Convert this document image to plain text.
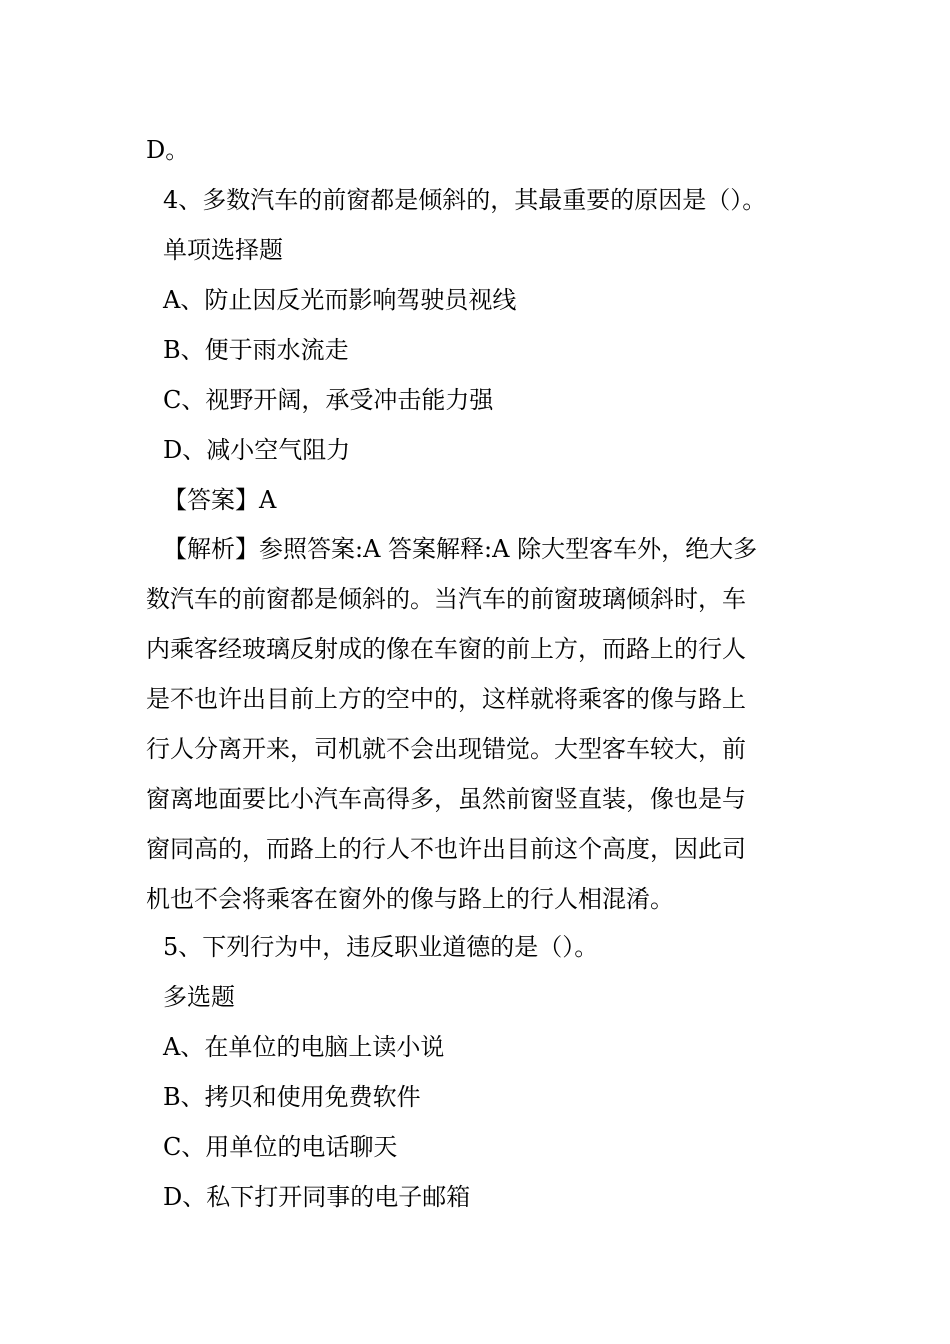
D。
4、多数汽车的前窗都是倾斜的，其最重要的原因是（）。
单项选择题
A、防止因反光而影响驾驶员视线
B、便于雨水流走
C、视野开阔，承受冲击能力强
D、减小空气阻力
【答案】A
【解析】参照答案:A 答案解释:A 除大型客车外，绝大多
数汽车的前窗都是倾斜的。当汽车的前窗玻璃倾斜时，车
内乘客经玻璃反射成的像在车窗的前上方，而路上的行人
是不也许出目前上方的空中的，这样就将乘客的像与路上
行人分离开来，司机就不会出现错觉。大型客车较大，前
窗离地面要比小汽车高得多，虽然前窗竖直装，像也是与
窗同高的，而路上的行人不也许出目前这个高度，因此司
机也不会将乘客在窗外的像与路上的行人相混淆。
5、下列行为中，违反职业道德的是（）。
多选题
A、在单位的电脑上读小说
B、拷贝和使用免费软件
C、用单位的电话聊天
D、私下打开同事的电子邮箱
